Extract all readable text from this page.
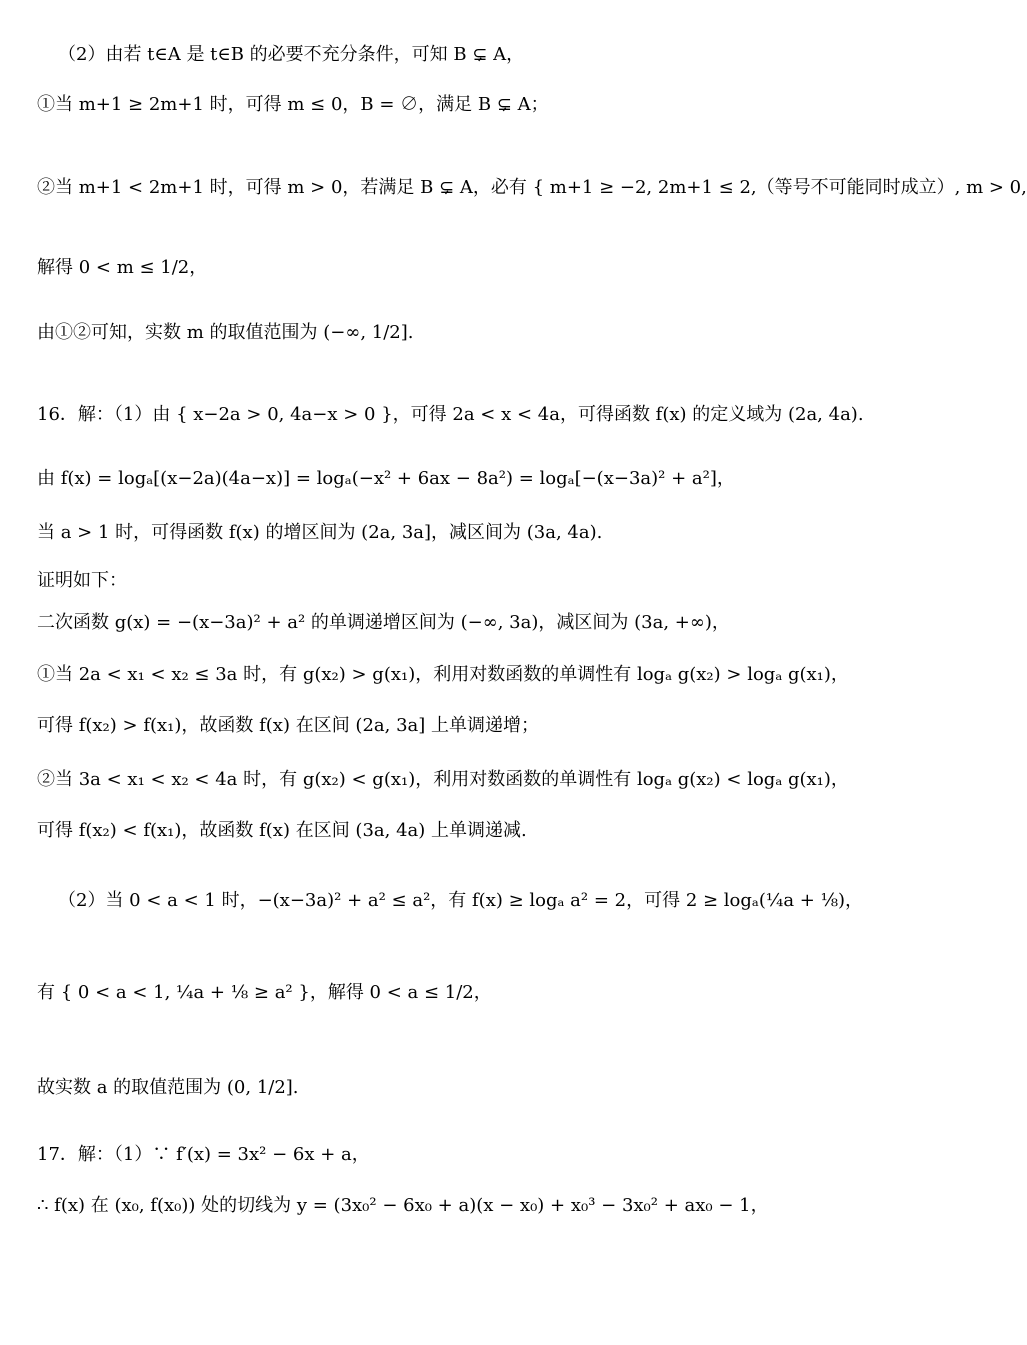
（2）由若 t∈A 是 t∈B 的必要不充分条件，可知 B ⊊ A，
①当 m+1 ≥ 2m+1 时，可得 m ≤ 0，B = ∅，满足 B ⊊ A；
②当 m+1 < 2m+1 时，可得 m > 0，若满足 B ⊊ A，必有 { m+1 ≥ −2, 2m+1 ≤ 2,（等号不可能同时成立）, m > 0,
解得 0 < m ≤ 1/2，
由①②可知，实数 m 的取值范围为 (−∞, 1/2].
16．解：（1）由 { x−2a > 0, 4a−x > 0 }，可得 2a < x < 4a，可得函数 f(x) 的定义域为 (2a, 4a).
由 f(x) = logₐ[(x−2a)(4a−x)] = logₐ(−x² + 6ax − 8a²) = logₐ[−(x−3a)² + a²]，
当 a > 1 时，可得函数 f(x) 的增区间为 (2a, 3a]，减区间为 (3a, 4a).
证明如下：
二次函数 g(x) = −(x−3a)² + a² 的单调递增区间为 (−∞, 3a)，减区间为 (3a, +∞)，
①当 2a < x₁ < x₂ ≤ 3a 时，有 g(x₂) > g(x₁)，利用对数函数的单调性有 logₐ g(x₂) > logₐ g(x₁)，
可得 f(x₂) > f(x₁)，故函数 f(x) 在区间 (2a, 3a] 上单调递增；
②当 3a < x₁ < x₂ < 4a 时，有 g(x₂) < g(x₁)，利用对数函数的单调性有 logₐ g(x₂) < logₐ g(x₁)，
可得 f(x₂) < f(x₁)，故函数 f(x) 在区间 (3a, 4a) 上单调递减.
（2）当 0 < a < 1 时，−(x−3a)² + a² ≤ a²，有 f(x) ≥ logₐ a² = 2，可得 2 ≥ logₐ(¼a + ⅛)，
有 { 0 < a < 1, ¼a + ⅛ ≥ a² }，解得 0 < a ≤ 1/2，
故实数 a 的取值范围为 (0, 1/2].
17．解：（1）∵ f′(x) = 3x² − 6x + a，
∴ f(x) 在 (x₀, f(x₀)) 处的切线为 y = (3x₀² − 6x₀ + a)(x − x₀) + x₀³ − 3x₀² + ax₀ − 1，
